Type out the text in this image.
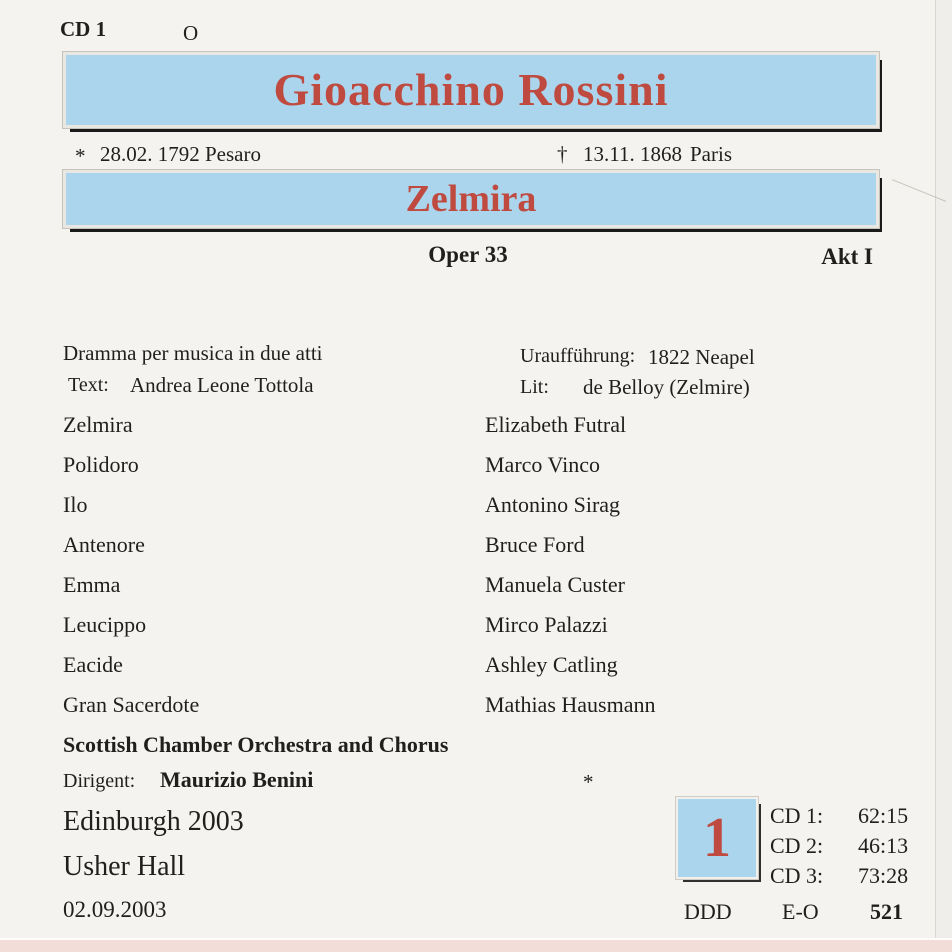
CD 1	O
Gioacchino Rossini
* 28.02. 1792 Pesaro	† 13.11. 1868 Paris
Zelmira
Oper 33	Akt I
Dramma per musica in due atti
Text: Andrea Leone Tottola
Uraufführung: 1822 Neapel
Lit: de Belloy (Zelmire)
Zelmira	Elizabeth Futral
Polidoro	Marco Vinco
Ilo	Antonino Sirag
Antenore	Bruce Ford
Emma	Manuela Custer
Leucippo	Mirco Palazzi
Eacide	Ashley Catling
Gran Sacerdote	Mathias Hausmann
Scottish Chamber Orchestra and Chorus
Dirigent: Maurizio Benini	*
Edinburgh 2003
Usher Hall
02.09.2003
1 CD 1:	62:15
CD 2:	46:13
CD 3:	73:28
DDD E-O 521
